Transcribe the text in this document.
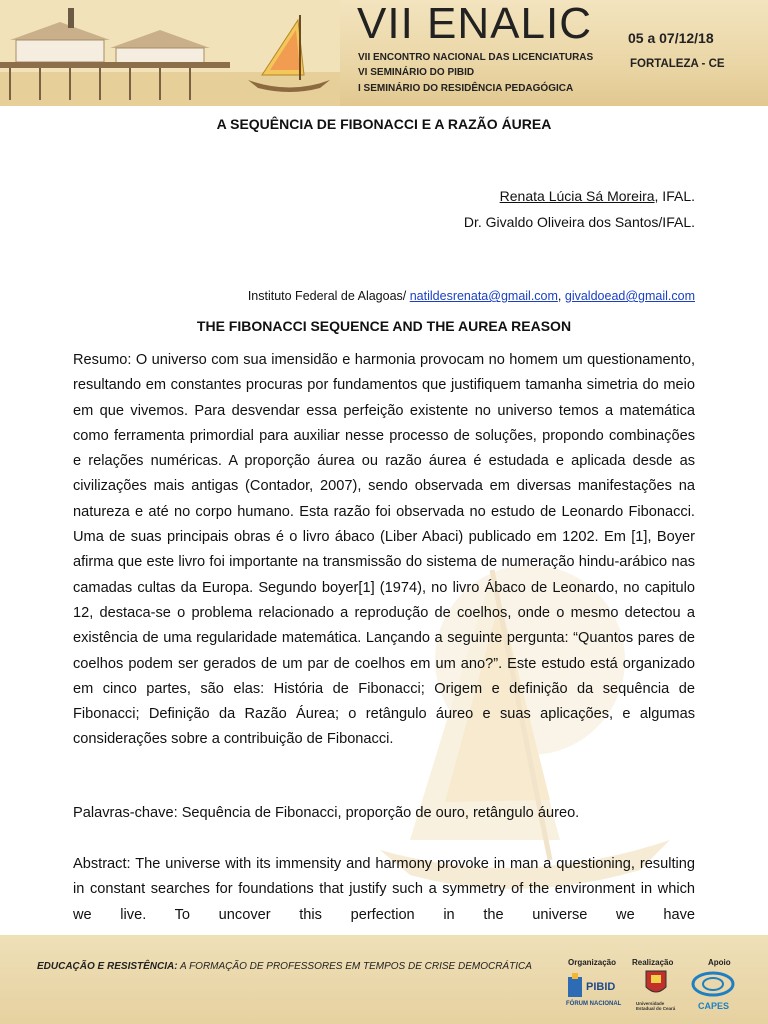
VII ENALIC
VII ENCONTRO NACIONAL DAS LICENCIATURAS
VI SEMINÁRIO DO PIBID
I SEMINÁRIO DO RESIDÊNCIA PEDAGÓGICA
05 a 07/12/18
FORTALEZA - CE
A SEQUÊNCIA DE FIBONACCI E A RAZÃO ÁUREA
Renata Lúcia Sá Moreira, IFAL.
Dr. Givaldo Oliveira dos Santos/IFAL.
Instituto Federal de Alagoas/ natildesrenata@gmail.com, givaldoead@gmail.com
THE FIBONACCI SEQUENCE AND THE AUREA REASON
Resumo: O universo com sua imensidão e harmonia provocam no homem um questionamento, resultando em constantes procuras por fundamentos que justifiquem tamanha simetria do meio em que vivemos. Para desvendar essa perfeição existente no universo temos a matemática como ferramenta primordial para auxiliar nesse processo de soluções, propondo combinações e relações numéricas. A proporção áurea ou razão áurea é estudada e aplicada desde as civilizações mais antigas (Contador, 2007), sendo observada em diversas manifestações na natureza e até no corpo humano. Esta razão foi observada no estudo de Leonardo Fibonacci. Uma de suas principais obras é o livro ábaco (Liber Abaci) publicado em 1202. Em [1], Boyer afirma que este livro foi importante na transmissão do sistema de numeração hindu-arábico nas camadas cultas da Europa. Segundo boyer[1] (1974), no livro Ábaco de Leonardo, no capitulo 12, destaca-se o problema relacionado a reprodução de coelhos, onde o mesmo detectou a existência de uma regularidade matemática. Lançando a seguinte pergunta: “Quantos pares de coelhos podem ser gerados de um par de coelhos em um ano?”. Este estudo está organizado em cinco partes, são elas: História de Fibonacci; Origem e definição da sequência de Fibonacci; Definição da Razão Áurea; o retângulo áureo e suas aplicações, e algumas considerações sobre a contribuição de Fibonacci.
Palavras-chave: Sequência de Fibonacci, proporção de ouro, retângulo áureo.
Abstract: The universe with its immensity and harmony provoke in man a questioning, resulting in constant searches for foundations that justify such a symmetry of the environment in which we live. To uncover this perfection in the universe we have
EDUCAÇÃO E RESISTÊNCIA: A FORMAÇÃO DE PROFESSORES EM TEMPOS DE CRISE DEMOCRÁTICA	Organização Realização	Apoio
PIBID
FÓRUM NACIONAL	Universidade Estadual do Ceará	CAPES
